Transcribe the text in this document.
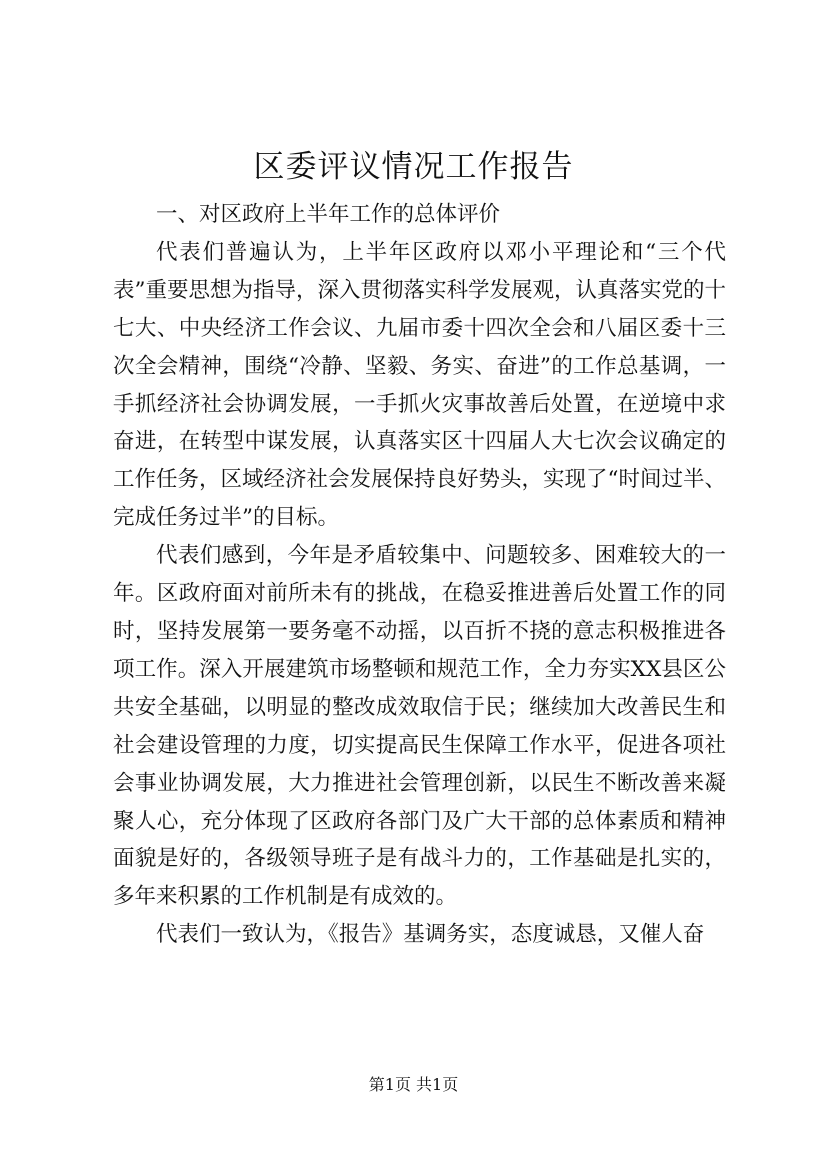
区委评议情况工作报告

一、对区政府上半年工作的总体评价

代表们普遍认为，上半年区政府以邓小平理论和“三个代表”重要思想为指导，深入贯彻落实科学发展观，认真落实党的十七大、中央经济工作会议、九届市委十四次全会和八届区委十三次全会精神，围绕“冷静、坚毅、务实、奋进”的工作总基调，一手抓经济社会协调发展，一手抓火灾事故善后处置，在逆境中求奋进，在转型中谋发展，认真落实区十四届人大七次会议确定的工作任务，区域经济社会发展保持良好势头，实现了“时间过半、完成任务过半”的目标。

代表们感到，今年是矛盾较集中、问题较多、困难较大的一年。区政府面对前所未有的挑战，在稳妥推进善后处置工作的同时，坚持发展第一要务毫不动摇，以百折不挠的意志积极推进各项工作。深入开展建筑市场整顿和规范工作，全力夯实XX县区公共安全基础，以明显的整改成效取信于民；继续加大改善民生和社会建设管理的力度，切实提高民生保障工作水平，促进各项社会事业协调发展，大力推进社会管理创新，以民生不断改善来凝聚人心，充分体现了区政府各部门及广大干部的总体素质和精神面貌是好的，各级领导班子是有战斗力的，工作基础是扎实的，多年来积累的工作机制是有成效的。

代表们一致认为，《报告》基调务实，态度诚恳，又催人奋

第1页 共1页
